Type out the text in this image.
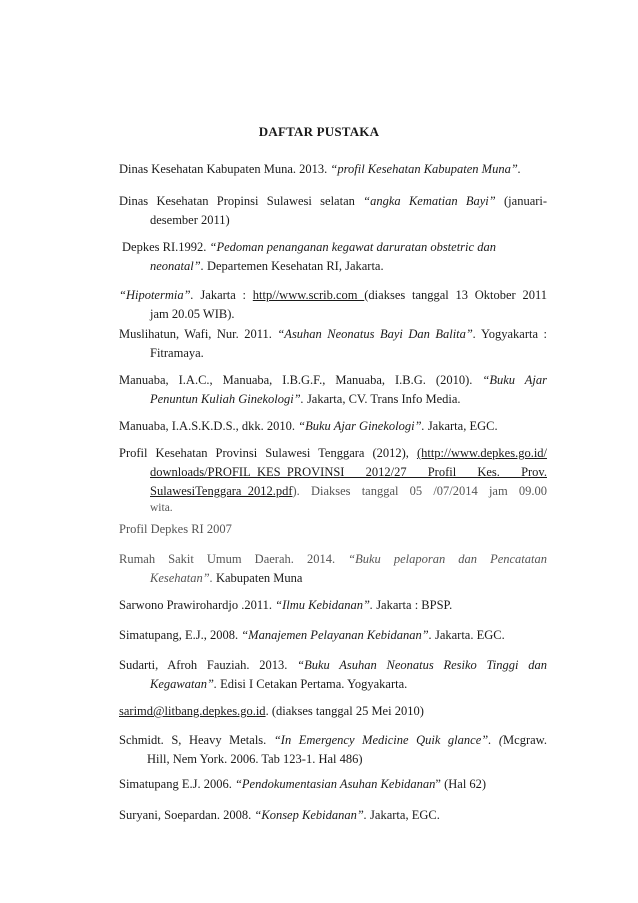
DAFTAR PUSTAKA
Dinas Kesehatan Kabupaten Muna. 2013. “profil Kesehatan Kabupaten Muna”.
Dinas Kesehatan Propinsi Sulawesi selatan “angka Kematian Bayi” (januari-
desember 2011)
Depkes RI.1992. “Pedoman penanganan kegawat daruratan obstetric dan
neonatal”. Departemen Kesehatan RI, Jakarta.
“Hipotermia”. Jakarta : http//www.scrib.com (diakses tanggal 13 Oktober 2011
jam 20.05 WIB).
Muslihatun, Wafi, Nur. 2011. “Asuhan Neonatus Bayi Dan Balita”. Yogyakarta :
Fitramaya.
Manuaba, I.A.C., Manuaba, I.B.G.F., Manuaba, I.B.G. (2010). “Buku Ajar
Penuntun Kuliah Ginekologi”. Jakarta, CV. Trans Info Media.
Manuaba, I.A.S.K.D.S., dkk. 2010. “Buku Ajar Ginekologi”. Jakarta, EGC.
Profil Kesehatan Provinsi Sulawesi Tenggara (2012), (http://www.depkes.go.id/
downloads/PROFIL_KES_PROVINSI 2012/27 Profil Kes. Prov.
SulawesiTenggara_2012.pdf). Diakses tanggal 05 /07/2014 jam 09.00
wita.
Profil Depkes RI 2007
Rumah Sakit Umum Daerah. 2014. “Buku pelaporan dan Pencatatan
Kesehatan”. Kabupaten Muna
Sarwono Prawirohardjo .2011. “Ilmu Kebidanan”. Jakarta : BPSP.
Simatupang, E.J., 2008. “Manajemen Pelayanan Kebidanan”. Jakarta. EGC.
Sudarti, Afroh Fauziah. 2013. “Buku Asuhan Neonatus Resiko Tinggi dan
Kegawatan”. Edisi I Cetakan Pertama. Yogyakarta.
sarimd@litbang.depkes.go.id. (diakses tanggal 25 Mei 2010)
Schmidt. S, Heavy Metals. “In Emergency Medicine Quik glance”. (Mcgraw.
Hill, Nem York. 2006. Tab 123-1. Hal 486)
Simatupang E.J. 2006. “Pendokumentasian Asuhan Kebidanan” (Hal 62)
Suryani, Soepardan. 2008. “Konsep Kebidanan”. Jakarta, EGC.
